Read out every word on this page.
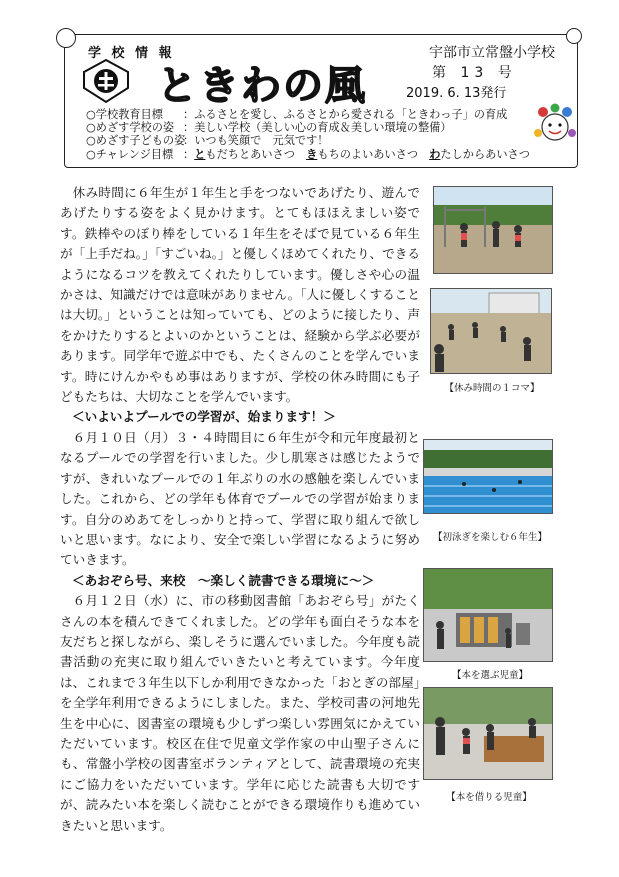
学 校 情 報
ときわの風
宇部市立常盤小学校
第 13 号
2019. 6. 13発行
○学校教育目標	：ふるさとを愛し、ふるさとから愛される「ときわっ子」の育成
○めざす学校の姿 ：美しい学校（美しい心の育成＆美しい環境の整備）
○めざす子どもの姿
：いつも笑顔で　元気です！
○チャレンジ目標 ：ともだちとあいさつ　きもちのよいあいさつ　わたしからあいさつ

休み時間に６年生が１年生と手をつないであげたり、遊んであげたりする姿をよく見かけます。とてもほほえましい姿です。鉄棒やのぼり棒をしている１年生をそばで見ている６年生が「上手だね。」「すごいね。」と優しくほめてくれたり、できるようになるコツを教えてくれたりしています。優しさや心の温かさは、知識だけでは意味がありません。「人に優しくすることは大切。」ということは知っていても、どのように接したり、声をかけたりするとよいのかということは、経験から学ぶ必要があります。同学年で遊ぶ中でも、たくさんのことを学んでいます。時にけんかやもめ事はありますが、学校の休み時間にも子どもたちは、大切なことを学んでいます。

＜いよいよプールでの学習が、始まります！＞

６月１０日（月）３・４時間目に６年生が令和元年度最初となるプールでの学習を行いました。少し肌寒さは感じたようですが、きれいなプールでの１年ぶりの水の感触を楽しんでいました。これから、どの学年も体育でプールでの学習が始まります。自分のめあてをしっかりと持って、学習に取り組んで欲しいと思います。なにより、安全で楽しい学習になるように努めていきます。

＜あおぞら号、来校　～楽しく読書できる環境に～＞

６月１２日（水）に、市の移動図書館「あおぞら号」がたくさんの本を積んできてくれました。どの学年も面白そうな本を友だちと探しながら、楽しそうに選んでいました。今年度も読書活動の充実に取り組んでいきたいと考えています。今年度は、これまで３年生以下しか利用できなかった「おとぎの部屋」を全学年利用できるようにしました。また、学校司書の河地先生を中心に、図書室の環境も少しずつ楽しい雰囲気にかえていただいています。校区在住で児童文学作家の中山聖子さんにも、常盤小学校の図書室ボランティアとして、読書環境の充実にご協力をいただいています。学年に応じた読書も大切ですが、読みたい本を楽しく読むことができる環境作りも進めていきたいと思います。

【休み時間の１コマ】
【初泳ぎを楽しむ６年生】
【本を選ぶ児童】
【本を借りる児童】
